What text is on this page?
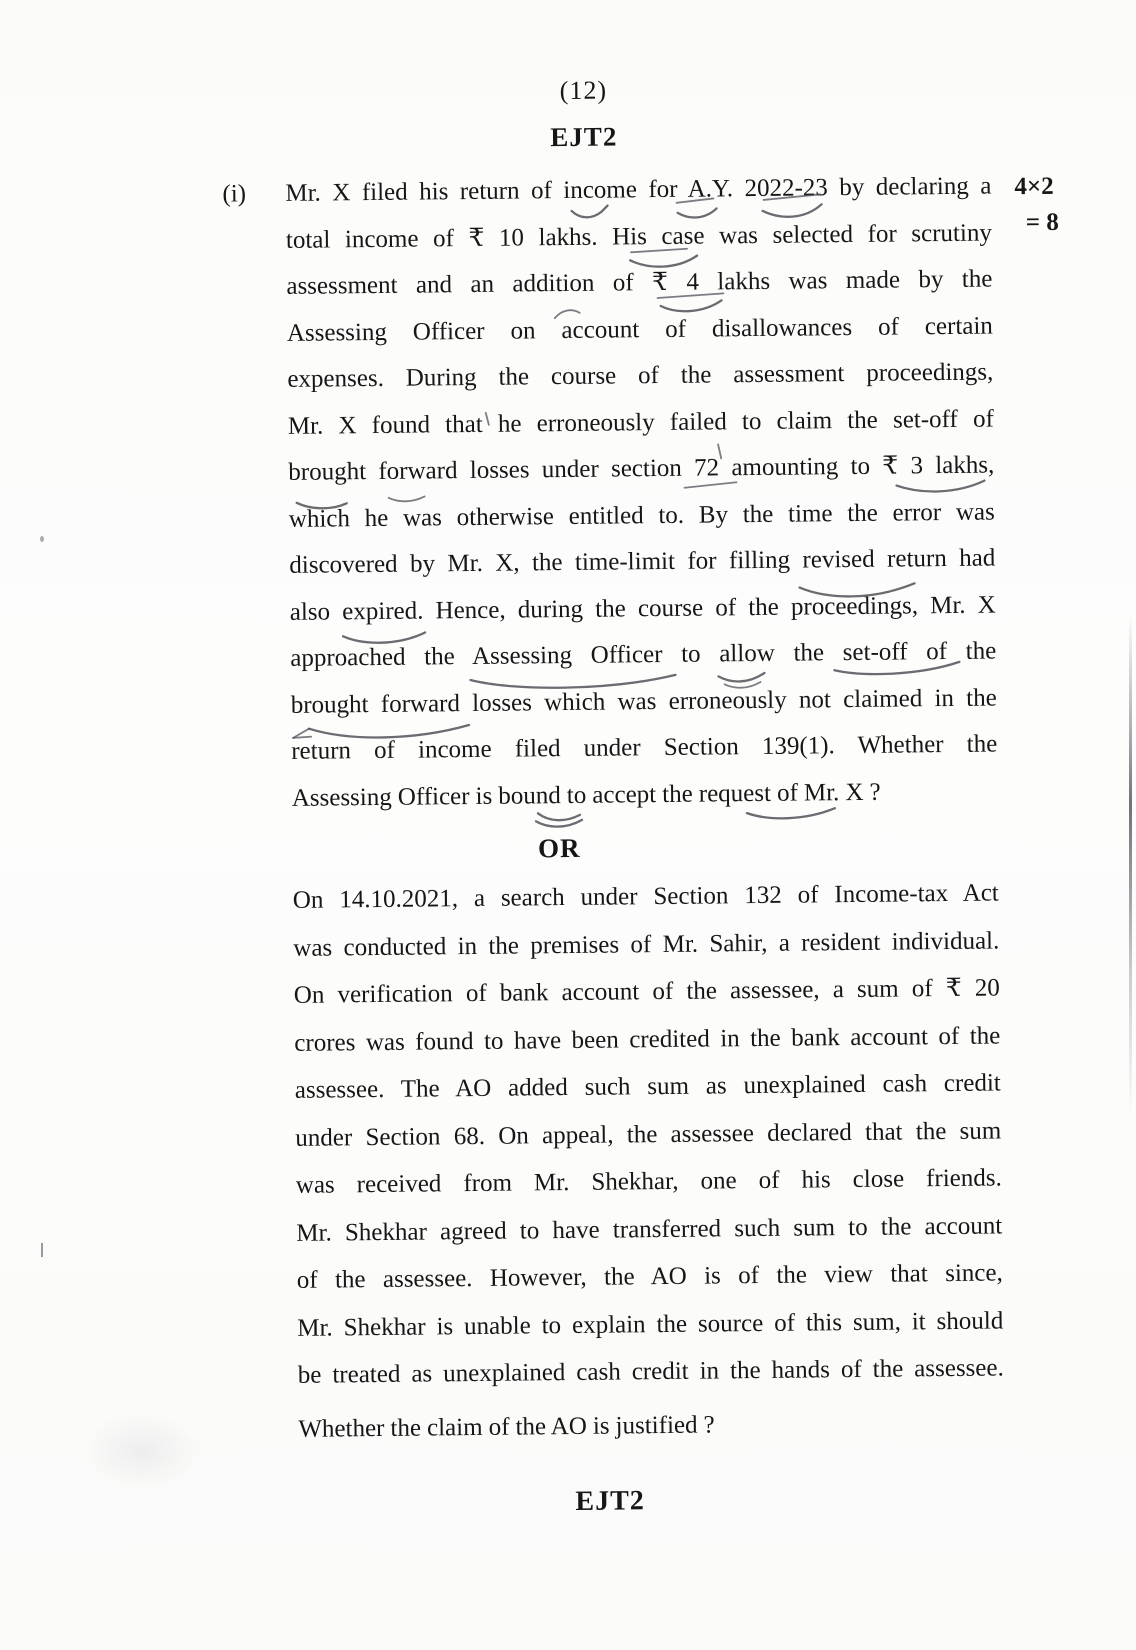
(12)
EJT2
(i)	4×2
= 8
Mr. X filed his return of income for A.Y. 2022-23 by declaring a
total income of ₹ 10 lakhs. His case was selected for scrutiny
assessment and an addition of ₹ 4 lakhs was made by the
Assessing Officer on account of disallowances of certain
expenses. During the course of the assessment proceedings,
Mr. X found that he erroneously failed to claim the set-off of
brought forward losses under section 72 amounting to ₹ 3 lakhs,
which he was otherwise entitled to. By the time the error was
discovered by Mr. X, the time-limit for filling revised return had
also expired. Hence, during the course of the proceedings, Mr. X
approached the Assessing Officer to allow the set-off of the
brought forward losses which was erroneously not claimed in the
return of income filed under Section 139(1). Whether the
Assessing Officer is bound to accept the request of Mr. X ?
OR
On 14.10.2021, a search under Section 132 of Income-tax Act
was conducted in the premises of Mr. Sahir, a resident individual.
On verification of bank account of the assessee, a sum of ₹ 20
crores was found to have been credited in the bank account of the
assessee. The AO added such sum as unexplained cash credit
under Section 68. On appeal, the assessee declared that the sum
was received from Mr. Shekhar, one of his close friends.
Mr. Shekhar agreed to have transferred such sum to the account
of the assessee. However, the AO is of the view that since,
Mr. Shekhar is unable to explain the source of this sum, it should
be treated as unexplained cash credit in the hands of the assessee.
Whether the claim of the AO is justified ?
EJT2
